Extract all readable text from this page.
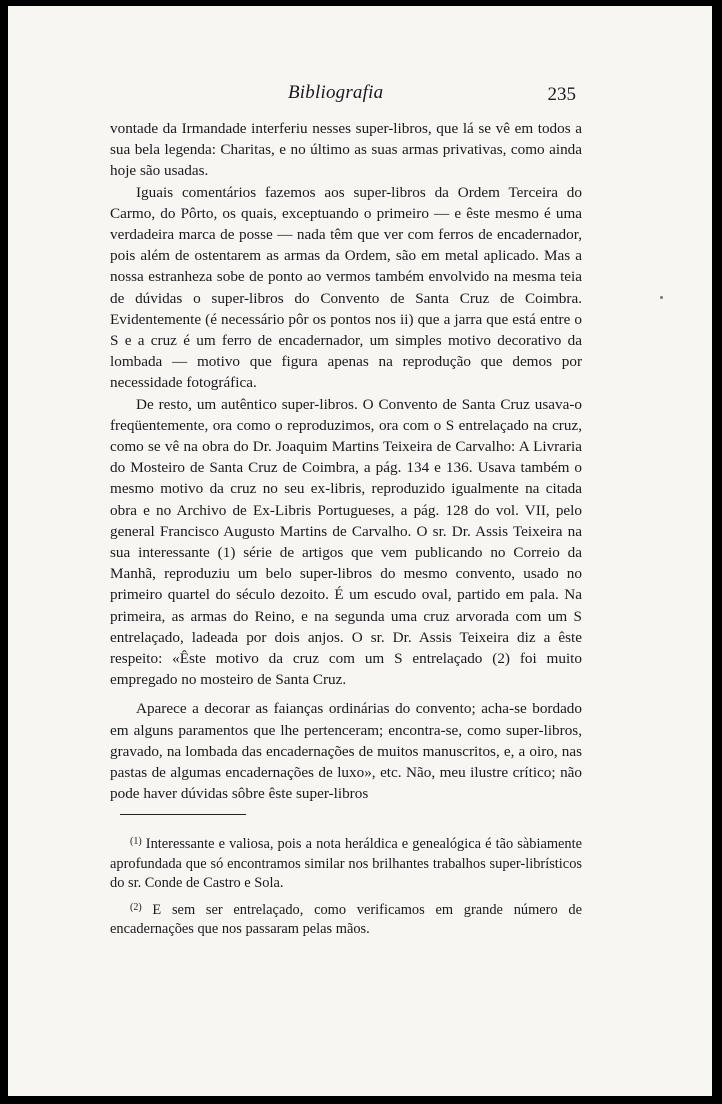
Bibliografia	235

vontade da Irmandade interferiu nesses super-libros, que lá se vê em todos a sua bela legenda: Charitas, e no último as suas armas privativas, como ainda hoje são usadas.

Iguais comentários fazemos aos super-libros da Ordem Terceira do Carmo, do Pôrto, os quais, exceptuando o primeiro — e êste mesmo é uma verdadeira marca de posse — nada têm que ver com ferros de encadernador, pois além de ostentarem as armas da Ordem, são em metal aplicado. Mas a nossa estranheza sobe de ponto ao vermos também envolvido na mesma teia de dúvidas o super-libros do Convento de Santa Cruz de Coimbra. Evidentemente (é necessário pôr os pontos nos ii) que a jarra que está entre o S e a cruz é um ferro de encadernador, um simples motivo decorativo da lombada — motivo que figura apenas na reprodução que demos por necessidade fotográfica.

De resto, um autêntico super-libros. O Convento de Santa Cruz usava-o freqüentemente, ora como o reproduzimos, ora com o S entrelaçado na cruz, como se vê na obra do Dr. Joaquim Martins Teixeira de Carvalho: A Livraria do Mosteiro de Santa Cruz de Coimbra, a pág. 134 e 136. Usava também o mesmo motivo da cruz no seu ex-libris, reproduzido igualmente na citada obra e no Archivo de Ex-Libris Portugueses, a pág. 128 do vol. VII, pelo general Francisco Augusto Martins de Carvalho. O sr. Dr. Assis Teixeira na sua interessante (1) série de artigos que vem publicando no Correio da Manhã, reproduziu um belo super-libros do mesmo convento, usado no primeiro quartel do século dezoito. É um escudo oval, partido em pala. Na primeira, as armas do Reino, e na segunda uma cruz arvorada com um S entrelaçado, ladeada por dois anjos. O sr. Dr. Assis Teixeira diz a êste respeito: «Êste motivo da cruz com um S entrelaçado (2) foi muito empregado no mosteiro de Santa Cruz.

Aparece a decorar as faianças ordinárias do convento; acha-se bordado em alguns paramentos que lhe pertenceram; encontra-se, como super-libros, gravado, na lombada das encadernações de muitos manuscritos, e, a oiro, nas pastas de algumas encadernações de luxo», etc. Não, meu ilustre crítico; não pode haver dúvidas sôbre êste super-libros

$^{(1)}$ Interessante e valiosa, pois a nota heráldica e genealógica é tão sàbiamente aprofundada que só encontramos similar nos brilhantes trabalhos super-librísticos do sr. Conde de Castro e Sola.

$^{(2)}$ E sem ser entrelaçado, como verificamos em grande número de encadernações que nos passaram pelas mãos.
